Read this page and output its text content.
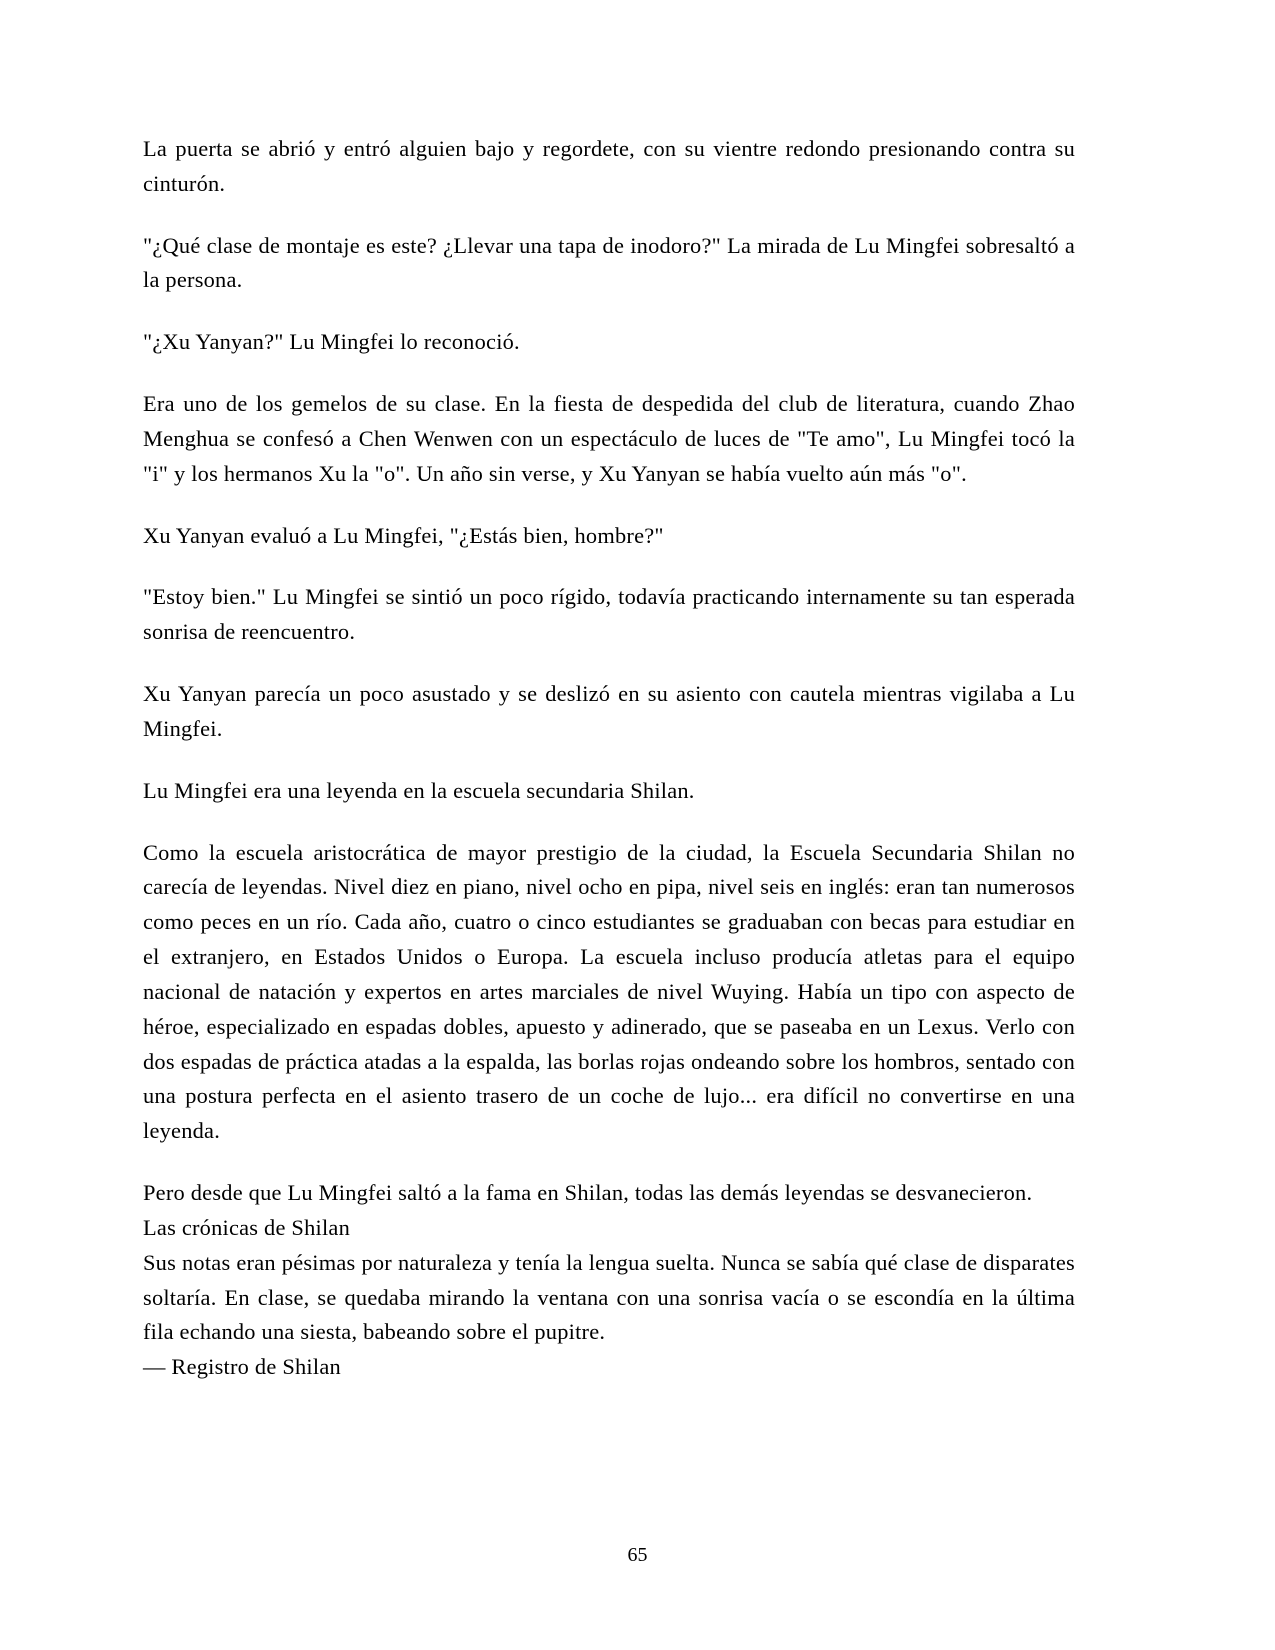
La puerta se abrió y entró alguien bajo y regordete, con su vientre redondo presionando contra su cinturón.

"¿Qué clase de montaje es este? ¿Llevar una tapa de inodoro?" La mirada de Lu Mingfei sobresaltó a la persona.

"¿Xu Yanyan?" Lu Mingfei lo reconoció.

Era uno de los gemelos de su clase. En la fiesta de despedida del club de literatura, cuando Zhao Menghua se confesó a Chen Wenwen con un espectáculo de luces de "Te amo", Lu Mingfei tocó la "i" y los hermanos Xu la "o". Un año sin verse, y Xu Yanyan se había vuelto aún más "o".

Xu Yanyan evaluó a Lu Mingfei, "¿Estás bien, hombre?"

"Estoy bien." Lu Mingfei se sintió un poco rígido, todavía practicando internamente su tan esperada sonrisa de reencuentro.

Xu Yanyan parecía un poco asustado y se deslizó en su asiento con cautela mientras vigilaba a Lu Mingfei.

Lu Mingfei era una leyenda en la escuela secundaria Shilan.

Como la escuela aristocrática de mayor prestigio de la ciudad, la Escuela Secundaria Shilan no carecía de leyendas. Nivel diez en piano, nivel ocho en pipa, nivel seis en inglés: eran tan numerosos como peces en un río. Cada año, cuatro o cinco estudiantes se graduaban con becas para estudiar en el extranjero, en Estados Unidos o Europa. La escuela incluso producía atletas para el equipo nacional de natación y expertos en artes marciales de nivel Wuying. Había un tipo con aspecto de héroe, especializado en espadas dobles, apuesto y adinerado, que se paseaba en un Lexus. Verlo con dos espadas de práctica atadas a la espalda, las borlas rojas ondeando sobre los hombros, sentado con una postura perfecta en el asiento trasero de un coche de lujo... era difícil no convertirse en una leyenda.

Pero desde que Lu Mingfei saltó a la fama en Shilan, todas las demás leyendas se desvanecieron.

Las crónicas de Shilan

Sus notas eran pésimas por naturaleza y tenía la lengua suelta. Nunca se sabía qué clase de disparates soltaría. En clase, se quedaba mirando la ventana con una sonrisa vacía o se escondía en la última fila echando una siesta, babeando sobre el pupitre.

— Registro de Shilan

65
